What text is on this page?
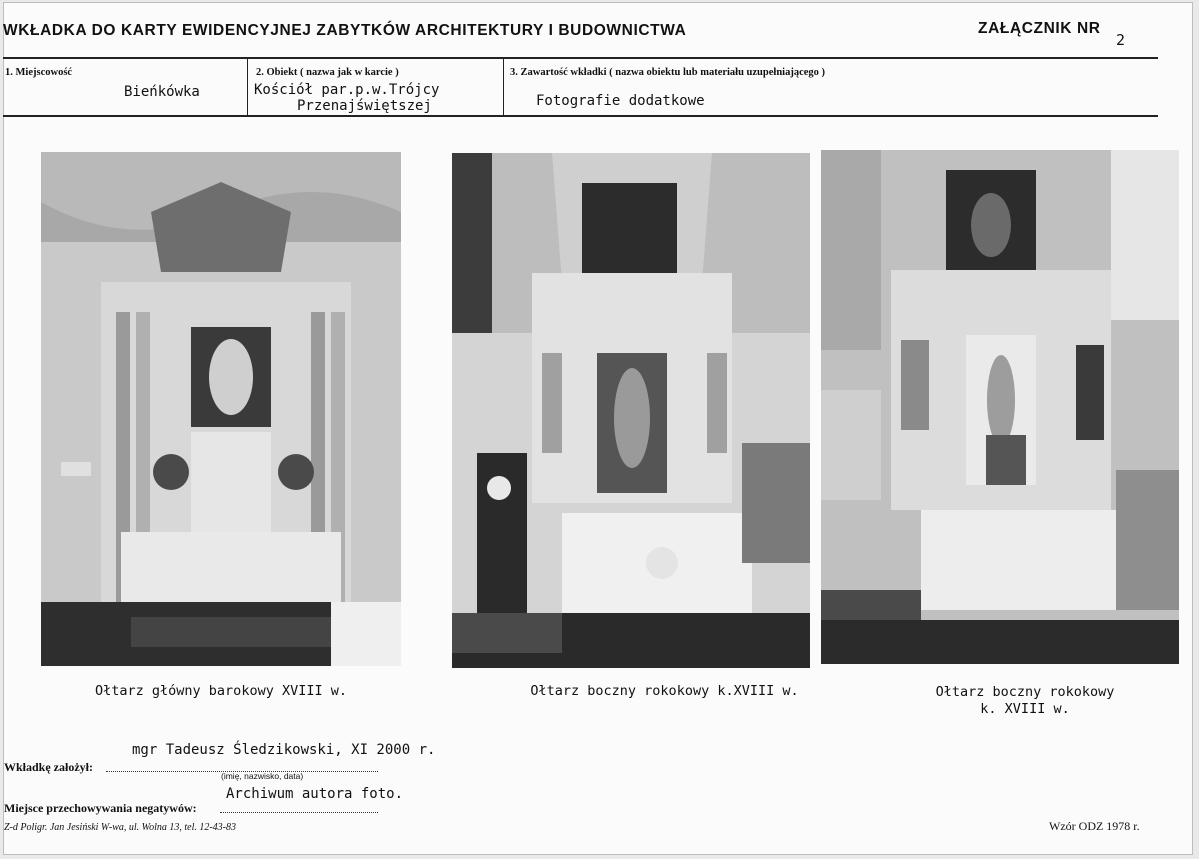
WKŁADKA DO KARTY EWIDENCYJNEJ ZABYTKÓW ARCHITEKTURY I BUDOWNICTWA	ZAŁĄCZNIK NR
2
1. Miejscowość
Bieńkówka
2. Obiekt ( nazwa jak w karcie )
Kościół par.p.w.Trójcy
Przenajświętszej
3. Zawartość wkładki ( nazwa obiektu lub materiału uzupełniającego )
Fotografie dodatkowe
Ołtarz główny barokowy XVIII w.	Ołtarz boczny rokokowy k.XVIII w.	Ołtarz boczny rokokowy
k. XVIII w.
mgr Tadeusz Śledzikowski, XI 2000 r.
Wkładkę założył:
(imię, nazwisko, data)
Archiwum autora foto.
Miejsce przechowywania negatywów:
Z-d Poligr. Jan Jesiński W-wa, ul. Wolna 13, tel. 12-43-83	Wzór ODZ 1978 r.
